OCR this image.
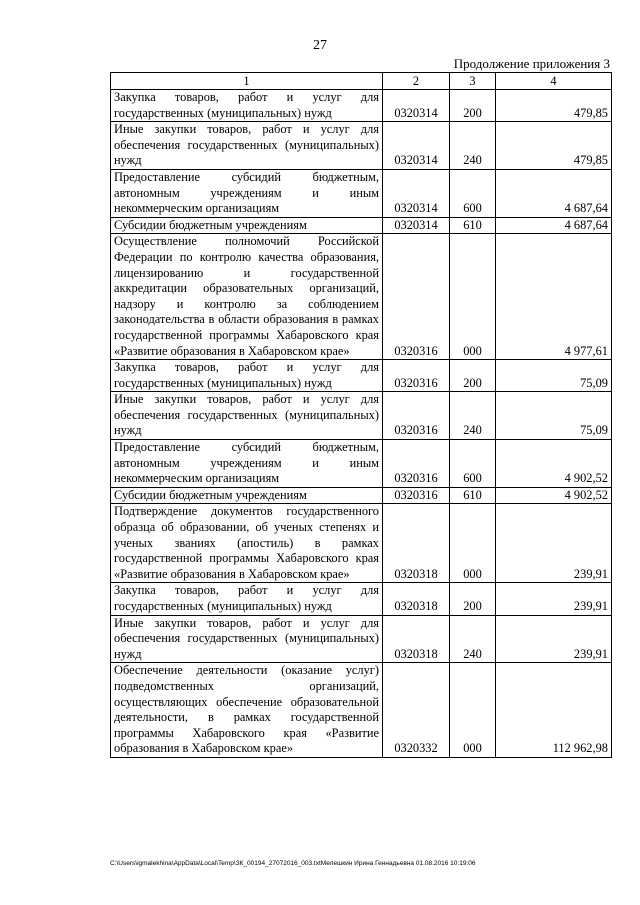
27
Продолжение приложения 3
1	2	3	4
Закупка товаров, работ и услуг для государственных (муниципальных) нужд	0320314	200	479,85
Иные закупки товаров, работ и услуг для обеспечения государственных (муниципальных) нужд	0320314	240	479,85
Предоставление субсидий бюджетным, автономным учреждениям и иным некоммерческим организациям	0320314	600	4 687,64
Субсидии бюджетным учреждениям	0320314	610	4 687,64
Осуществление полномочий Российской Федерации по контролю качества образования, лицензированию и государственной аккредитации образовательных организаций, надзору и контролю за соблюдением законодательства в области образования в рамках государственной программы Хабаровского края «Развитие образования в Хабаровском крае»	0320316	000	4 977,61
Закупка товаров, работ и услуг для государственных (муниципальных) нужд	0320316	200	75,09
Иные закупки товаров, работ и услуг для обеспечения государственных (муниципальных) нужд	0320316	240	75,09
Предоставление субсидий бюджетным, автономным учреждениям и иным некоммерческим организациям	0320316	600	4 902,52
Субсидии бюджетным учреждениям	0320316	610	4 902,52
Подтверждение документов государственного образца об образовании, об ученых степенях и ученых званиях (апостиль) в рамках государственной программы Хабаровского края «Развитие образования в Хабаровском крае»	0320318	000	239,91
Закупка товаров, работ и услуг для государственных (муниципальных) нужд	0320318	200	239,91
Иные закупки товаров, работ и услуг для обеспечения государственных (муниципальных) нужд	0320318	240	239,91
Обеспечение деятельности (оказание услуг) подведомственных организаций, осуществляющих обеспечение образовательной деятельности, в рамках государственной программы Хабаровского края «Развитие образования в Хабаровском крае»	0320332	000	112 962,98
C:\Users\igmalekhina\AppData\Local\Temp\ЗК_00194_27072016_003.txtМелешкин Ирина Геннадьевна 01.08.2016 10:19:06
